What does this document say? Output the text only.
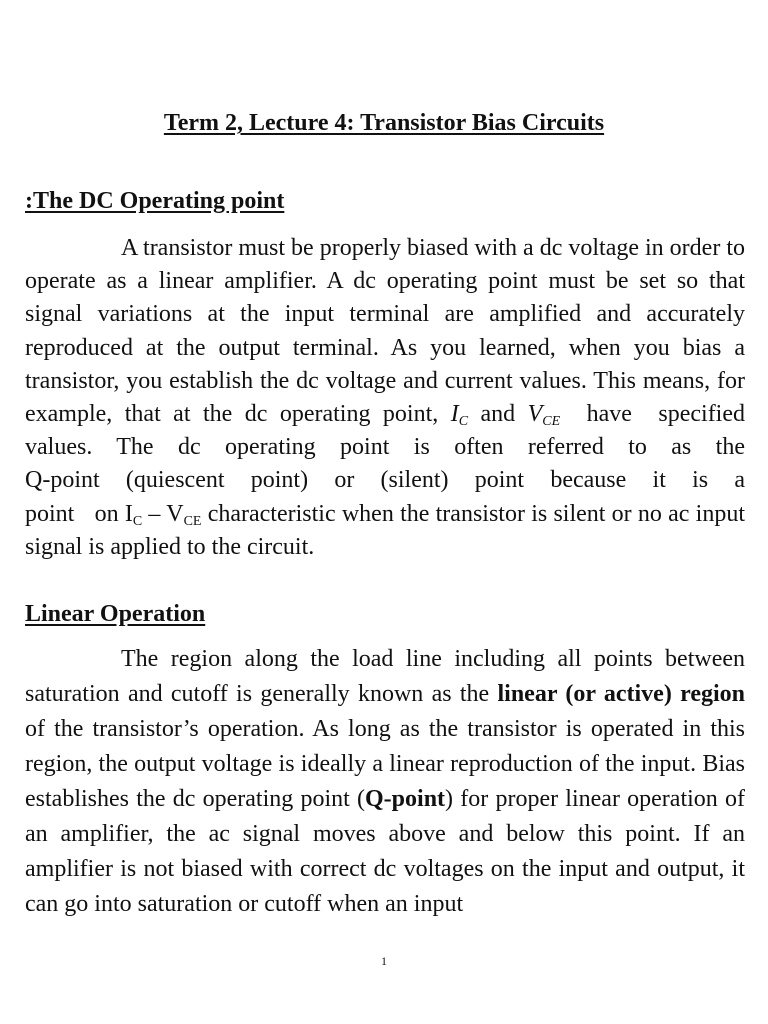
Term 2, Lecture 4: Transistor Bias Circuits
:The DC Operating point
A transistor must be properly biased with a dc voltage in order to operate as a linear amplifier. A dc operating point must be set so that signal variations at the input terminal are amplified and accurately reproduced at the output terminal. As you learned, when you bias a transistor, you establish the dc voltage and current values. This means, for example, that at the dc operating point, $I_C$ and $V_{CE}$ have specified values. The dc operating point is often referred to as the Q-point (quiescent point) or (silent) point because it is a point on $I_C - V_{CE}$ characteristic when the transistor is silent or no ac input signal is applied to the circuit.
Linear Operation
The region along the load line including all points between saturation and cutoff is generally known as the linear (or active) region of the transistor’s operation. As long as the transistor is operated in this region, the output voltage is ideally a linear reproduction of the input. Bias establishes the dc operating point (Q-point) for proper linear operation of an amplifier, the ac signal moves above and below this point. If an amplifier is not biased with correct dc voltages on the input and output, it can go into saturation or cutoff when an input
1
